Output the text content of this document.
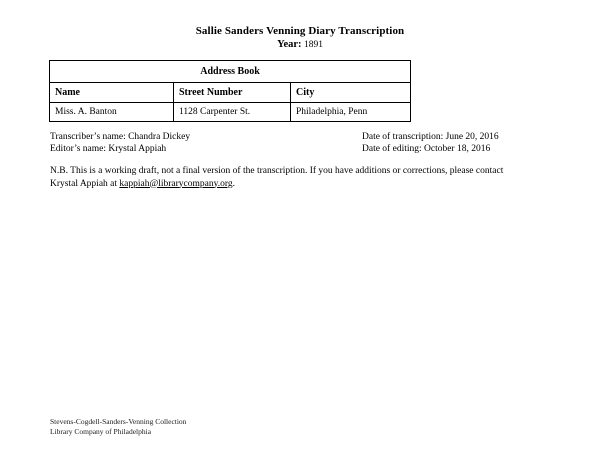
Sallie Sanders Venning Diary Transcription
Year: 1891
Address Book		
Name	Street Number	City
Miss. A. Banton	1128 Carpenter St.	Philadelphia, Penn
Transcriber’s name: Chandra Dickey	Date of transcription: June 20, 2016
Editor’s name: Krystal Appiah	Date of editing: October 18, 2016
N.B. This is a working draft, not a final version of the transcription. If you have additions or corrections, please contact Krystal Appiah at kappiah@librarycompany.org.
Stevens-Cogdell-Sanders-Venning Collection
Library Company of Philadelphia
